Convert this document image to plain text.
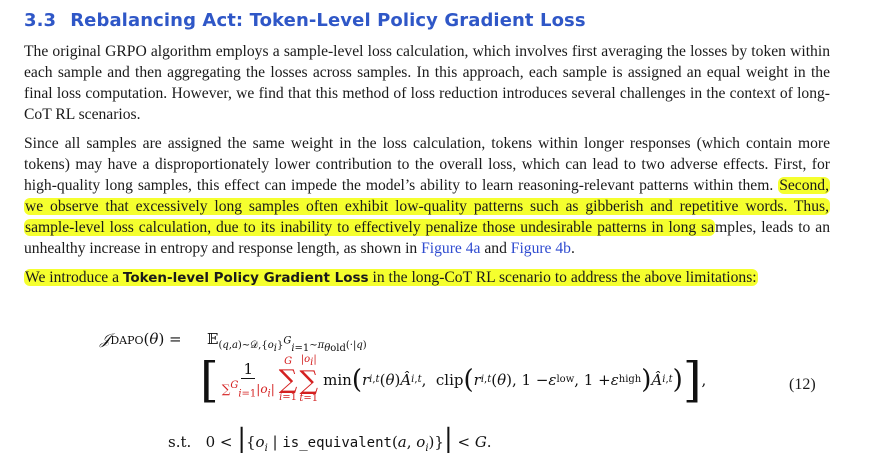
3.3 Rebalancing Act: Token-Level Policy Gradient Loss

The original GRPO algorithm employs a sample-level loss calculation, which involves first averaging the losses by token within each sample and then aggregating the losses across samples. In this approach, each sample is assigned an equal weight in the final loss computation. However, we find that this method of loss reduction introduces several challenges in the context of long-CoT RL scenarios.

Since all samples are assigned the same weight in the loss calculation, tokens within longer responses (which contain more tokens) may have a disproportionately lower contribution to the overall loss, which can lead to two adverse effects. First, for high-quality long samples, this effect can impede the model’s ability to learn reasoning-relevant patterns within them. Second, we observe that excessively long samples often exhibit low-quality patterns such as gibberish and repetitive words. Thus, sample-level loss calculation, due to its inability to effectively penalize those undesirable patterns in long samples, leads to an unhealthy increase in entropy and response length, as shown in Figure 4a and Figure 4b.

We introduce a Token-level Policy Gradient Loss in the long-CoT RL scenario to address the above limitations:

𝒥DAPO(θ) = 𝔼$_{(q,a)\sim 𝒟,\{o_i\}^G_{i=1}\sim\pi_{\theta old}(\cdot|q)}$
[ $\frac{1}{\sum^G_{i=1}|o_i|}$ G
∑
i=1
$|o_i|$
∑
t=1
min ( r i,t ( θ ) Â i,t ,  clip ( r i,t ( θ ), 1 − ε low , 1 + ε high ) Â i,t ) ] ,	(12)
s.t.   $0 < |\{o_i$ | is_equivalent(a, $o_i)\}| < G$.
